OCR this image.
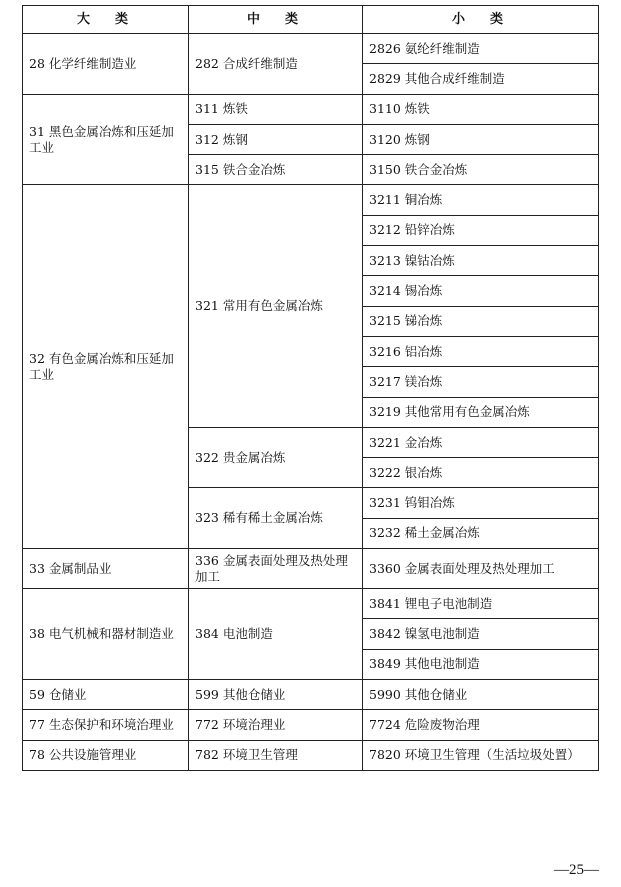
大　类	中　类	小　类
28 化学纤维制造业	282 合成纤维制造	2826 氨纶纤维制造
		2829 其他合成纤维制造
31 黑色金属冶炼和压延加工业	311 炼铁	3110 炼铁
	312 炼钢	3120 炼钢
	315 铁合金冶炼	3150 铁合金冶炼
32 有色金属冶炼和压延加工业	321 常用有色金属冶炼	3211 铜冶炼
		3212 铅锌冶炼
		3213 镍钴冶炼
		3214 锡冶炼
		3215 锑冶炼
		3216 铝冶炼
		3217 镁冶炼
		3219 其他常用有色金属冶炼
	322 贵金属冶炼	3221 金冶炼
		3222 银冶炼
	323 稀有稀土金属冶炼	3231 钨钼冶炼
		3232 稀土金属冶炼
33 金属制品业	336 金属表面处理及热处理加工	3360 金属表面处理及热处理加工
38 电气机械和器材制造业	384 电池制造	3841 锂电子电池制造
		3842 镍氢电池制造
		3849 其他电池制造
59 仓储业	599 其他仓储业	5990 其他仓储业
77 生态保护和环境治理业	772 环境治理业	7724 危险废物治理
78 公共设施管理业	782 环境卫生管理	7820 环境卫生管理（生活垃圾处置）
—25—
